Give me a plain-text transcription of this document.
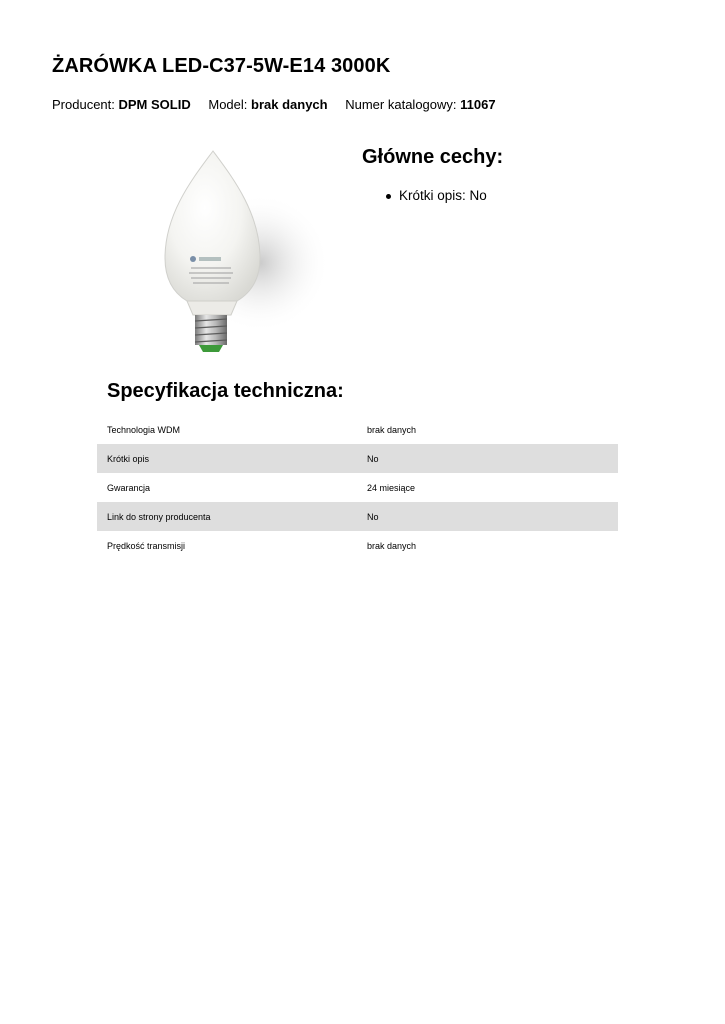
ŻARÓWKA LED-C37-5W-E14 3000K
Producent: DPM SOLID Model: brak danych Numer katalogowy: 11067
Główne cechy:
Krótki opis: No
Specyfikacja techniczna:
Technologia WDM	brak danych
Krótki opis	No
Gwarancja	24 miesiące
Link do strony producenta	No
Prędkość transmisji	brak danych
